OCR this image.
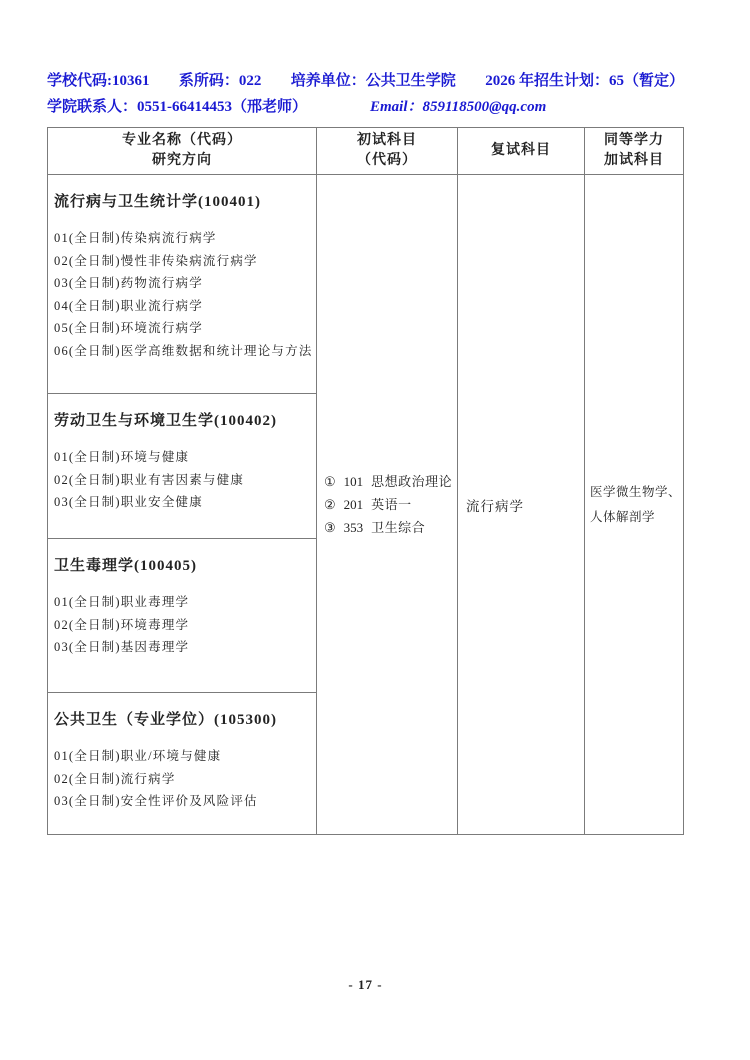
学校代码:10361 系所码：022 培养单位：公共卫生学院 2026 年招生计划：65（暂定）
学院联系人：0551-66414453（邢老师）	Email：859118500@qq.com
专业名称（代码）
研究方向
初试科目
（代码）
复试科目
同等学力
加试科目
流行病与卫生统计学(100401)
01(全日制)传染病流行病学
02(全日制)慢性非传染病流行病学
03(全日制)药物流行病学
04(全日制)职业流行病学
05(全日制)环境流行病学
06(全日制)医学高维数据和统计理论与方法
劳动卫生与环境卫生学(100402)
01(全日制)环境与健康
02(全日制)职业有害因素与健康
03(全日制)职业安全健康
卫生毒理学(100405)
01(全日制)职业毒理学
02(全日制)环境毒理学
03(全日制)基因毒理学
公共卫生（专业学位）(105300)
01(全日制)职业/环境与健康
02(全日制)流行病学
03(全日制)安全性评价及风险评估
① 101 思想政治理论
② 201 英语一
③ 353 卫生综合
流行病学
医学微生物学、
人体解剖学
- 17 -
